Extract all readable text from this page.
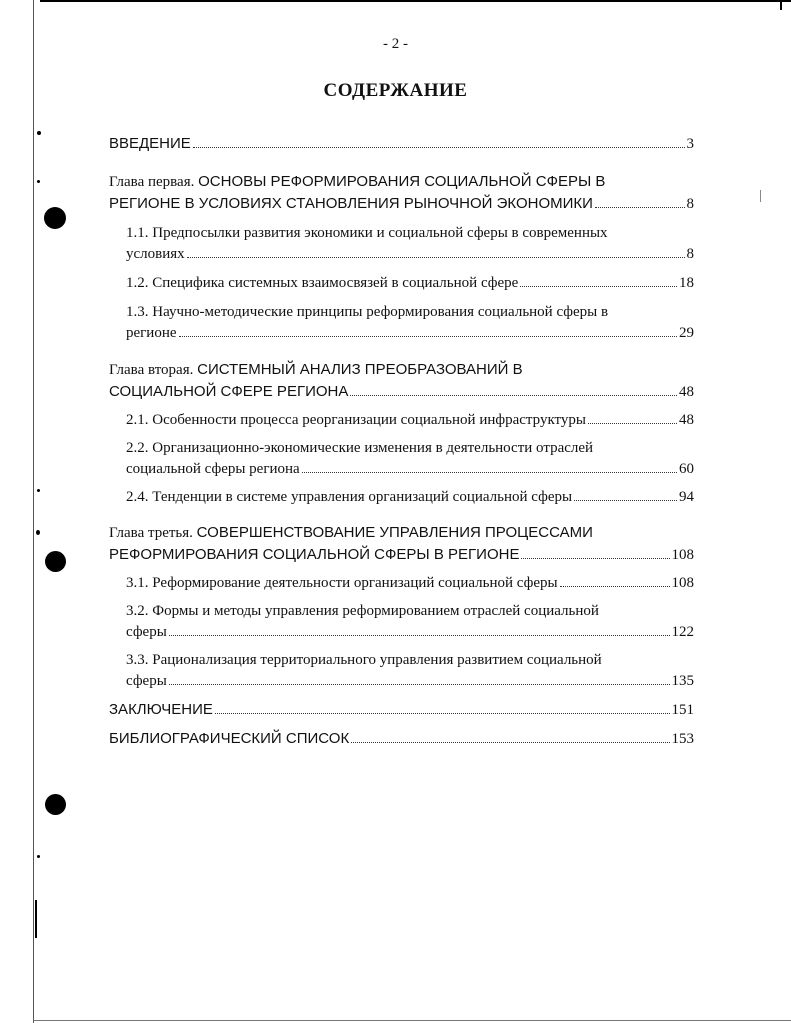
- 2 -
СОДЕРЖАНИЕ
ВВЕДЕНИЕ	3
Глава первая. ОСНОВЫ РЕФОРМИРОВАНИЯ СОЦИАЛЬНОЙ СФЕРЫ В
РЕГИОНЕ В УСЛОВИЯХ СТАНОВЛЕНИЯ РЫНОЧНОЙ ЭКОНОМИКИ	8
1.1. Предпосылки развития экономики и социальной сферы в современных
условиях	8
1.2. Специфика системных взаимосвязей в социальной сфере	18
1.3. Научно-методические принципы реформирования социальной сферы в
регионе	29
Глава вторая. СИСТЕМНЫЙ АНАЛИЗ ПРЕОБРАЗОВАНИЙ В
СОЦИАЛЬНОЙ СФЕРЕ РЕГИОНА	48
2.1. Особенности процесса реорганизации социальной инфраструктуры	48
2.2. Организационно-экономические изменения в деятельности отраслей
социальной сферы региона	60
2.4. Тенденции в системе управления организаций социальной сферы	94
Глава третья. СОВЕРШЕНСТВОВАНИЕ УПРАВЛЕНИЯ ПРОЦЕССАМИ
РЕФОРМИРОВАНИЯ СОЦИАЛЬНОЙ СФЕРЫ В РЕГИОНЕ	108
3.1. Реформирование деятельности организаций социальной сферы	108
3.2. Формы и методы управления реформированием отраслей социальной
сферы	122
3.3. Рационализация территориального управления развитием социальной
сферы	135
ЗАКЛЮЧЕНИЕ	151
БИБЛИОГРАФИЧЕСКИЙ СПИСОК	153
